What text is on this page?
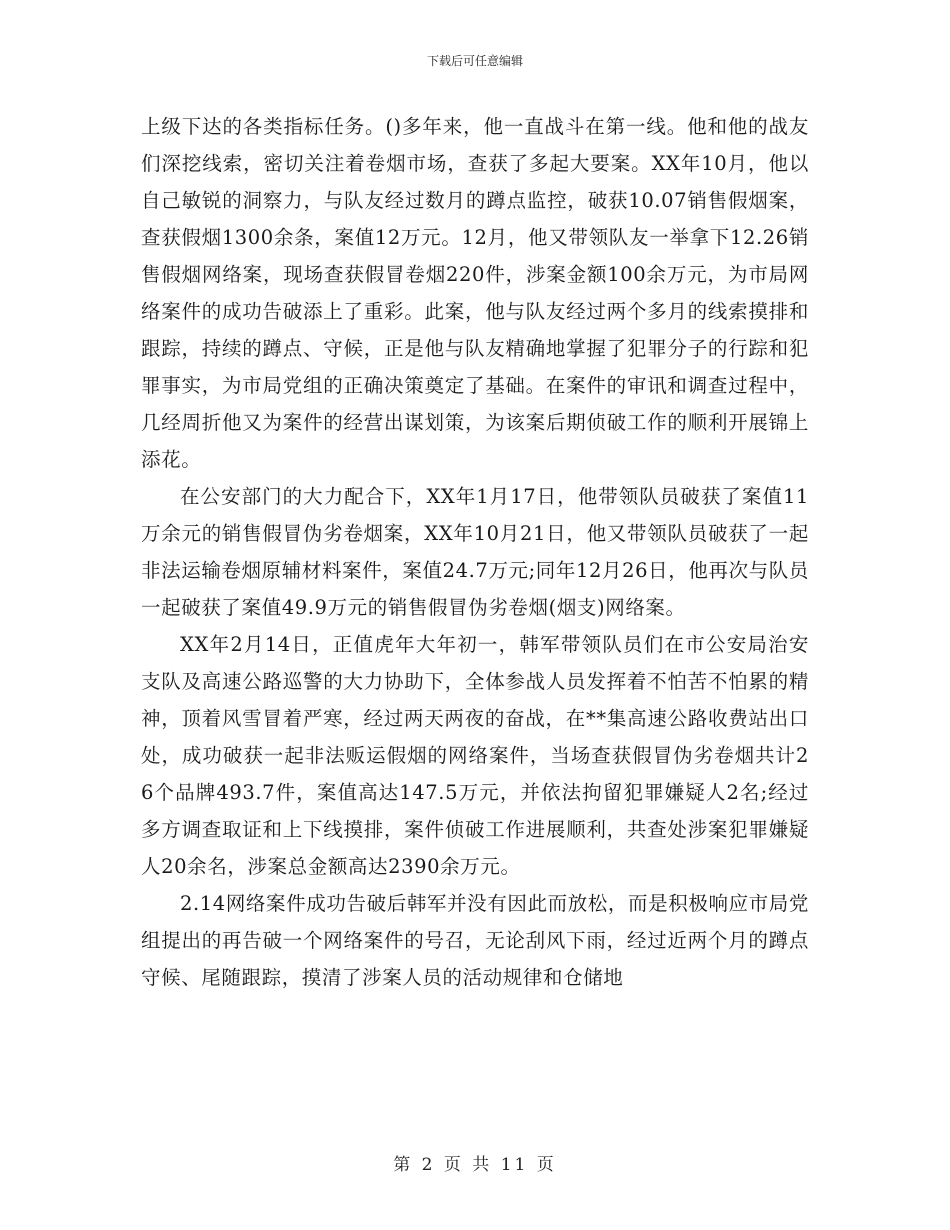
下载后可任意编辑

上级下达的各类指标任务。()多年来，他一直战斗在第一线。他和他的战友们深挖线索，密切关注着卷烟市场，查获了多起大要案。XX年10月，他以自己敏锐的洞察力，与队友经过数月的蹲点监控，破获10.07销售假烟案，查获假烟1300余条，案值12万元。12月，他又带领队友一举拿下12.26销售假烟网络案，现场查获假冒卷烟220件，涉案金额100余万元，为市局网络案件的成功告破添上了重彩。此案，他与队友经过两个多月的线索摸排和跟踪，持续的蹲点、守候，正是他与队友精确地掌握了犯罪分子的行踪和犯罪事实，为市局党组的正确决策奠定了基础。在案件的审讯和调查过程中，几经周折他又为案件的经营出谋划策，为该案后期侦破工作的顺利开展锦上添花。

在公安部门的大力配合下，XX年1月17日，他带领队员破获了案值11万余元的销售假冒伪劣卷烟案，XX年10月21日，他又带领队员破获了一起非法运输卷烟原辅材料案件，案值24.7万元;同年12月26日，他再次与队员一起破获了案值49.9万元的销售假冒伪劣卷烟(烟支)网络案。

XX年2月14日，正值虎年大年初一，韩军带领队员们在市公安局治安支队及高速公路巡警的大力协助下，全体参战人员发挥着不怕苦不怕累的精神，顶着风雪冒着严寒，经过两天两夜的奋战，在**集高速公路收费站出口处，成功破获一起非法贩运假烟的网络案件，当场查获假冒伪劣卷烟共计26个品牌493.7件，案值高达147.5万元，并依法拘留犯罪嫌疑人2名;经过多方调查取证和上下线摸排，案件侦破工作进展顺利，共查处涉案犯罪嫌疑人20余名，涉案总金额高达2390余万元。

2.14网络案件成功告破后韩军并没有因此而放松，而是积极响应市局党组提出的再告破一个网络案件的号召，无论刮风下雨，经过近两个月的蹲点守候、尾随跟踪，摸清了涉案人员的活动规律和仓储地

第 2 页 共 11 页
